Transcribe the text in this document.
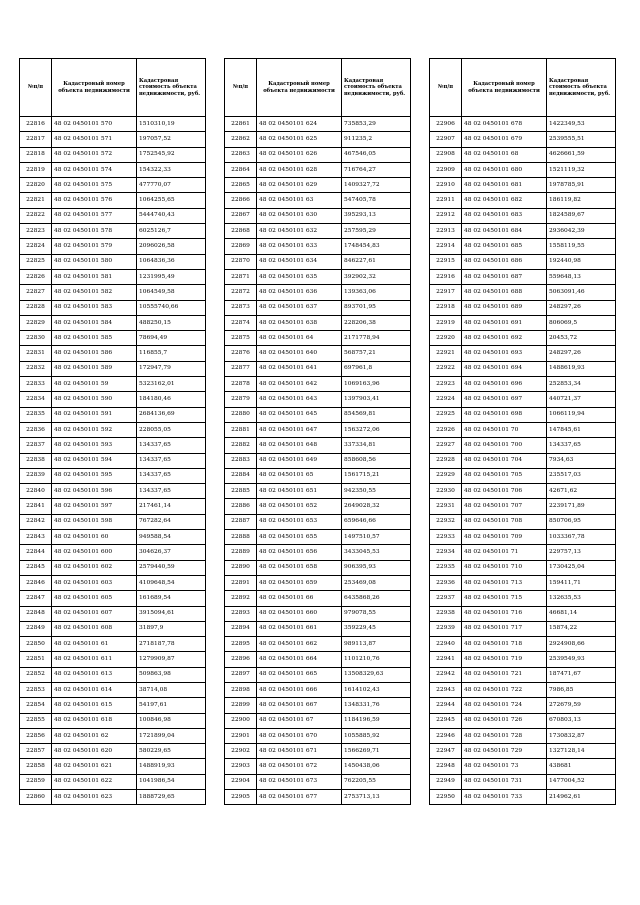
№п/п	Кадастровый номер объекта недвижимости	Кадастровая стоимость объекта недвижимости, руб.
22816	48 02 0450101 570	1510310,19
22817	48 02 0450101 571	197057,52
22818	48 02 0450101 572	1752545,92
22819	48 02 0450101 574	154322,33
22820	48 02 0450101 575	477770,07
22821	48 02 0450101 576	1064255,65
22822	48 02 0450101 577	5444740,43
22823	48 02 0450101 578	6025126,7
22824	48 02 0450101 579	2096026,58
22825	48 02 0450101 580	1064836,36
22826	48 02 0450101 581	1231995,49
22827	48 02 0450101 582	1064549,58
22828	48 02 0450101 583	10555740,66
22829	48 02 0450101 584	488250,15
22830	48 02 0450101 585	78694,49
22831	48 02 0450101 586	116855,7
22832	48 02 0450101 589	172947,79
22833	48 02 0450101 59	5323162,01
22834	48 02 0450101 590	184180,46
22835	48 02 0450101 591	2684136,69
22836	48 02 0450101 592	228055,05
22837	48 02 0450101 593	134337,65
22838	48 02 0450101 594	134337,65
22839	48 02 0450101 595	134337,65
22840	48 02 0450101 596	134337,65
22841	48 02 0450101 597	217461,14
22842	48 02 0450101 598	767282,64
22843	48 02 0450101 60	949588,54
22844	48 02 0450101 600	304626,37
22845	48 02 0450101 602	2579440,59
22846	48 02 0450101 603	4109648,54
22847	48 02 0450101 605	161689,54
22848	48 02 0450101 607	3915094,61
22849	48 02 0450101 608	31897,9
22850	48 02 0450101 61	2718187,78
22851	48 02 0450101 611	1279909,87
22852	48 02 0450101 613	509863,98
22853	48 02 0450101 614	38714,08
22854	48 02 0450101 615	54197,61
22855	48 02 0450101 618	100846,98
22856	48 02 0450101 62	1721899,04
22857	48 02 0450101 620	580229,65
22858	48 02 0450101 621	1488919,93
22859	48 02 0450101 622	1041986,54
22860	48 02 0450101 623	1888729,65
№п/п	Кадастровый номер объекта недвижимости	Кадастровая стоимость объекта недвижимости, руб.
22861	48 02 0450101 624	735853,29
22862	48 02 0450101 625	911235,2
22863	48 02 0450101 626	467546,05
22864	48 02 0450101 628	716764,27
22865	48 02 0450101 629	1409327,72
22866	48 02 0450101 63	547405,78
22867	48 02 0450101 630	395293,13
22868	48 02 0450101 632	257595,29
22869	48 02 0450101 633	1748454,83
22870	48 02 0450101 634	846227,61
22871	48 02 0450101 635	392902,32
22872	48 02 0450101 636	139363,06
22873	48 02 0450101 637	893701,95
22874	48 02 0450101 638	228206,38
22875	48 02 0450101 64	2171778,94
22876	48 02 0450101 640	568757,21
22877	48 02 0450101 641	697961,8
22878	48 02 0450101 642	1069163,96
22879	48 02 0450101 643	1397903,41
22880	48 02 0450101 645	854569,81
22881	48 02 0450101 647	1563272,06
22882	48 02 0450101 648	337334,81
22883	48 02 0450101 649	858608,56
22884	48 02 0450101 65	1561715,21
22885	48 02 0450101 651	942350,55
22886	48 02 0450101 652	2649028,32
22887	48 02 0450101 653	659646,66
22888	48 02 0450101 655	1497510,57
22889	48 02 0450101 656	3433045,53
22890	48 02 0450101 658	906395,93
22891	48 02 0450101 659	253469,08
22892	48 02 0450101 66	6435868,26
22893	48 02 0450101 660	979078,55
22894	48 02 0450101 661	359229,45
22895	48 02 0450101 662	989113,87
22896	48 02 0450101 664	1101210,76
22897	48 02 0450101 665	13508329,63
22898	48 02 0450101 666	1614102,43
22899	48 02 0450101 667	1348331,76
22900	48 02 0450101 67	1184196,59
22901	48 02 0450101 670	1055885,92
22902	48 02 0450101 671	1566269,71
22903	48 02 0450101 672	1450438,06
22904	48 02 0450101 673	762205,55
22905	48 02 0450101 677	2753713,13
№п/п	Кадастровый номер объекта недвижимости	Кадастровая стоимость объекта недвижимости, руб.
22906	48 02 0450101 678	1422349,53
22907	48 02 0450101 679	2539555,51
22908	48 02 0450101 68	4626661,59
22909	48 02 0450101 680	1521119,32
22910	48 02 0450101 681	1978785,91
22911	48 02 0450101 682	186119,82
22912	48 02 0450101 683	1824589,67
22913	48 02 0450101 684	2936042,39
22914	48 02 0450101 685	1558119,55
22915	48 02 0450101 686	192440,98
22916	48 02 0450101 687	559648,13
22917	48 02 0450101 688	5063091,46
22918	48 02 0450101 689	248297,26
22919	48 02 0450101 691	806069,5
22920	48 02 0450101 692	20453,72
22921	48 02 0450101 693	248297,26
22922	48 02 0450101 694	1488619,93
22923	48 02 0450101 696	252853,34
22924	48 02 0450101 697	440721,37
22925	48 02 0450101 698	1066119,94
22926	48 02 0450101 70	147845,61
22927	48 02 0450101 700	134337,65
22928	48 02 0450101 704	7934,63
22929	48 02 0450101 705	235517,03
22930	48 02 0450101 706	42671,62
22931	48 02 0450101 707	2239171,89
22932	48 02 0450101 708	850706,95
22933	48 02 0450101 709	1033367,78
22934	48 02 0450101 71	229757,13
22935	48 02 0450101 710	1730425,04
22936	48 02 0450101 713	159411,71
22937	48 02 0450101 715	132635,53
22938	48 02 0450101 716	46681,14
22939	48 02 0450101 717	15874,22
22940	48 02 0450101 718	2924908,66
22941	48 02 0450101 719	2539549,93
22942	48 02 0450101 721	187471,67
22943	48 02 0450101 722	7986,85
22944	48 02 0450101 724	272679,59
22945	48 02 0450101 726	670803,13
22946	48 02 0450101 728	1730832,87
22947	48 02 0450101 729	1327128,14
22948	48 02 0450101 73	438681
22949	48 02 0450101 731	1477004,52
22950	48 02 0450101 733	214962,61
